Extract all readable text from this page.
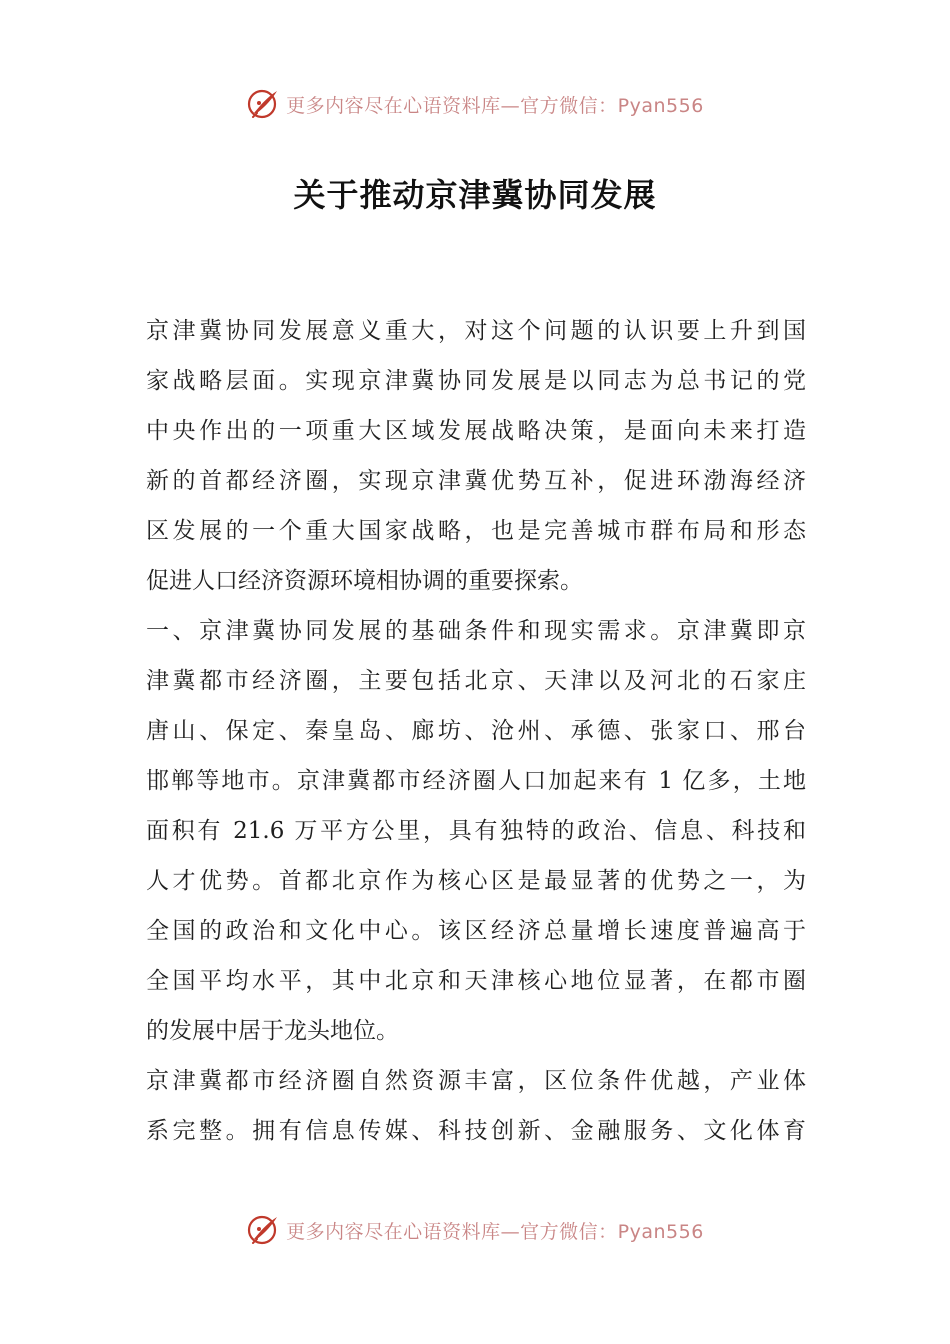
更多内容尽在心语资料库—官方微信：Pyan556
关于推动京津冀协同发展
京津冀协同发展意义重大，对这个问题的认识要上升到国
家战略层面。实现京津冀协同发展是以同志为总书记的党
中央作出的一项重大区域发展战略决策，是面向未来打造
新的首都经济圈，实现京津冀优势互补，促进环渤海经济
区发展的一个重大国家战略，也是完善城市群布局和形态
促进人口经济资源环境相协调的重要探索。
一、京津冀协同发展的基础条件和现实需求。京津冀即京
津冀都市经济圈，主要包括北京、天津以及河北的石家庄
唐山、保定、秦皇岛、廊坊、沧州、承德、张家口、邢台
邯郸等地市。京津冀都市经济圈人口加起来有 1 亿多，土地
面积有 21.6 万平方公里，具有独特的政治、信息、科技和
人才优势。首都北京作为核心区是最显著的优势之一，为
全国的政治和文化中心。该区经济总量增长速度普遍高于
全国平均水平，其中北京和天津核心地位显著，在都市圈
的发展中居于龙头地位。
京津冀都市经济圈自然资源丰富，区位条件优越，产业体
系完整。拥有信息传媒、科技创新、金融服务、文化体育
更多内容尽在心语资料库—官方微信：Pyan556
